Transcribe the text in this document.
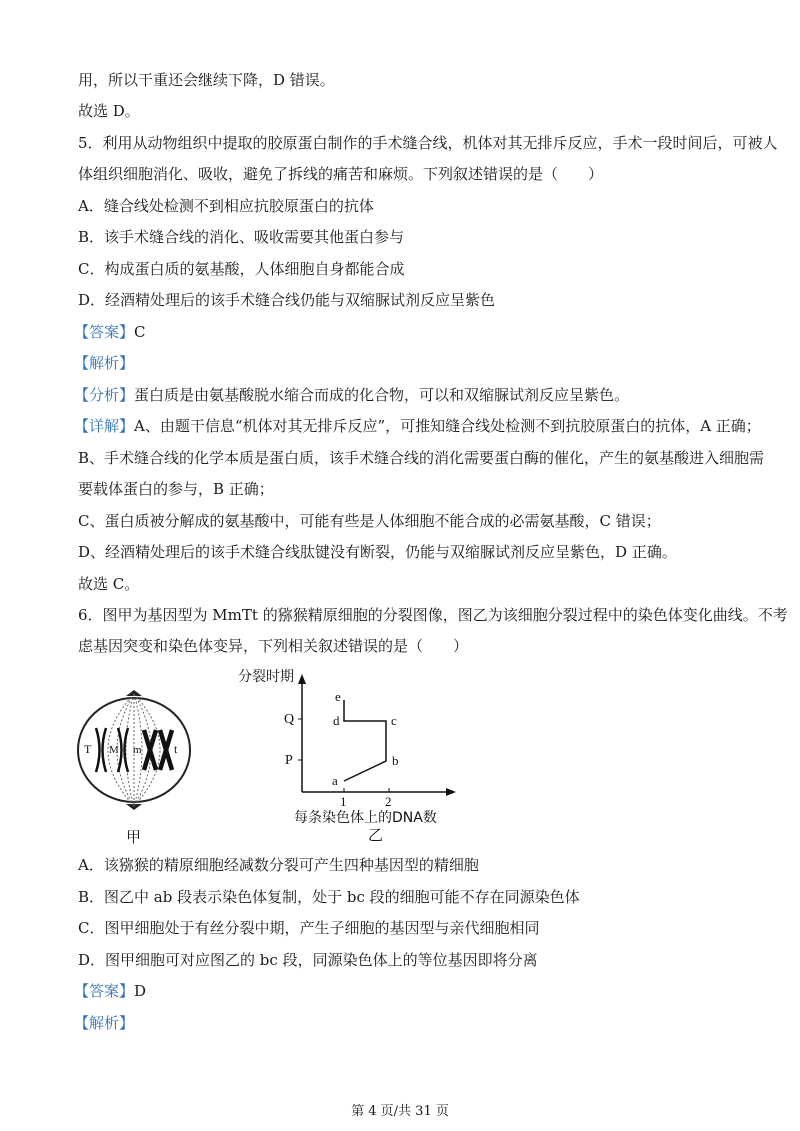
用，所以干重还会继续下降，D 错误。
故选 D。
5．利用从动物组织中提取的胶原蛋白制作的手术缝合线，机体对其无排斥反应，手术一段时间后，可被人
体组织细胞消化、吸收，避免了拆线的痛苦和麻烦。下列叙述错误的是（　　）
A．缝合线处检测不到相应抗胶原蛋白的抗体
B．该手术缝合线的消化、吸收需要其他蛋白参与
C．构成蛋白质的氨基酸，人体细胞自身都能合成
D．经酒精处理后的该手术缝合线仍能与双缩脲试剂反应呈紫色
【答案】C
【解析】
【分析】蛋白质是由氨基酸脱水缩合而成的化合物，可以和双缩脲试剂反应呈紫色。
【详解】A、由题干信息“机体对其无排斥反应”，可推知缝合线处检测不到抗胶原蛋白的抗体，A 正确；
B、手术缝合线的化学本质是蛋白质，该手术缝合线的消化需要蛋白酶的催化，产生的氨基酸进入细胞需
要载体蛋白的参与，B 正确；
C、蛋白质被分解成的氨基酸中，可能有些是人体细胞不能合成的必需氨基酸，C 错误；
D、经酒精处理后的该手术缝合线肽键没有断裂，仍能与双缩脲试剂反应呈紫色，D 正确。
故选 C。
6．图甲为基因型为 MmTt 的猕猴精原细胞的分裂图像，图乙为该细胞分裂过程中的染色体变化曲线。不考
虑基因突变和染色体变异，下列相关叙述错误的是（　　）
T M m	t
甲
分裂时期
Q
P
1	2
a
b
c
d
e
每条染色体上的DNA数
乙
A．该猕猴的精原细胞经减数分裂可产生四种基因型的精细胞
B．图乙中 ab 段表示染色体复制，处于 bc 段的细胞可能不存在同源染色体
C．图甲细胞处于有丝分裂中期，产生子细胞的基因型与亲代细胞相同
D．图甲细胞可对应图乙的 bc 段，同源染色体上的等位基因即将分离
【答案】D
【解析】
第 4 页/共 31 页
